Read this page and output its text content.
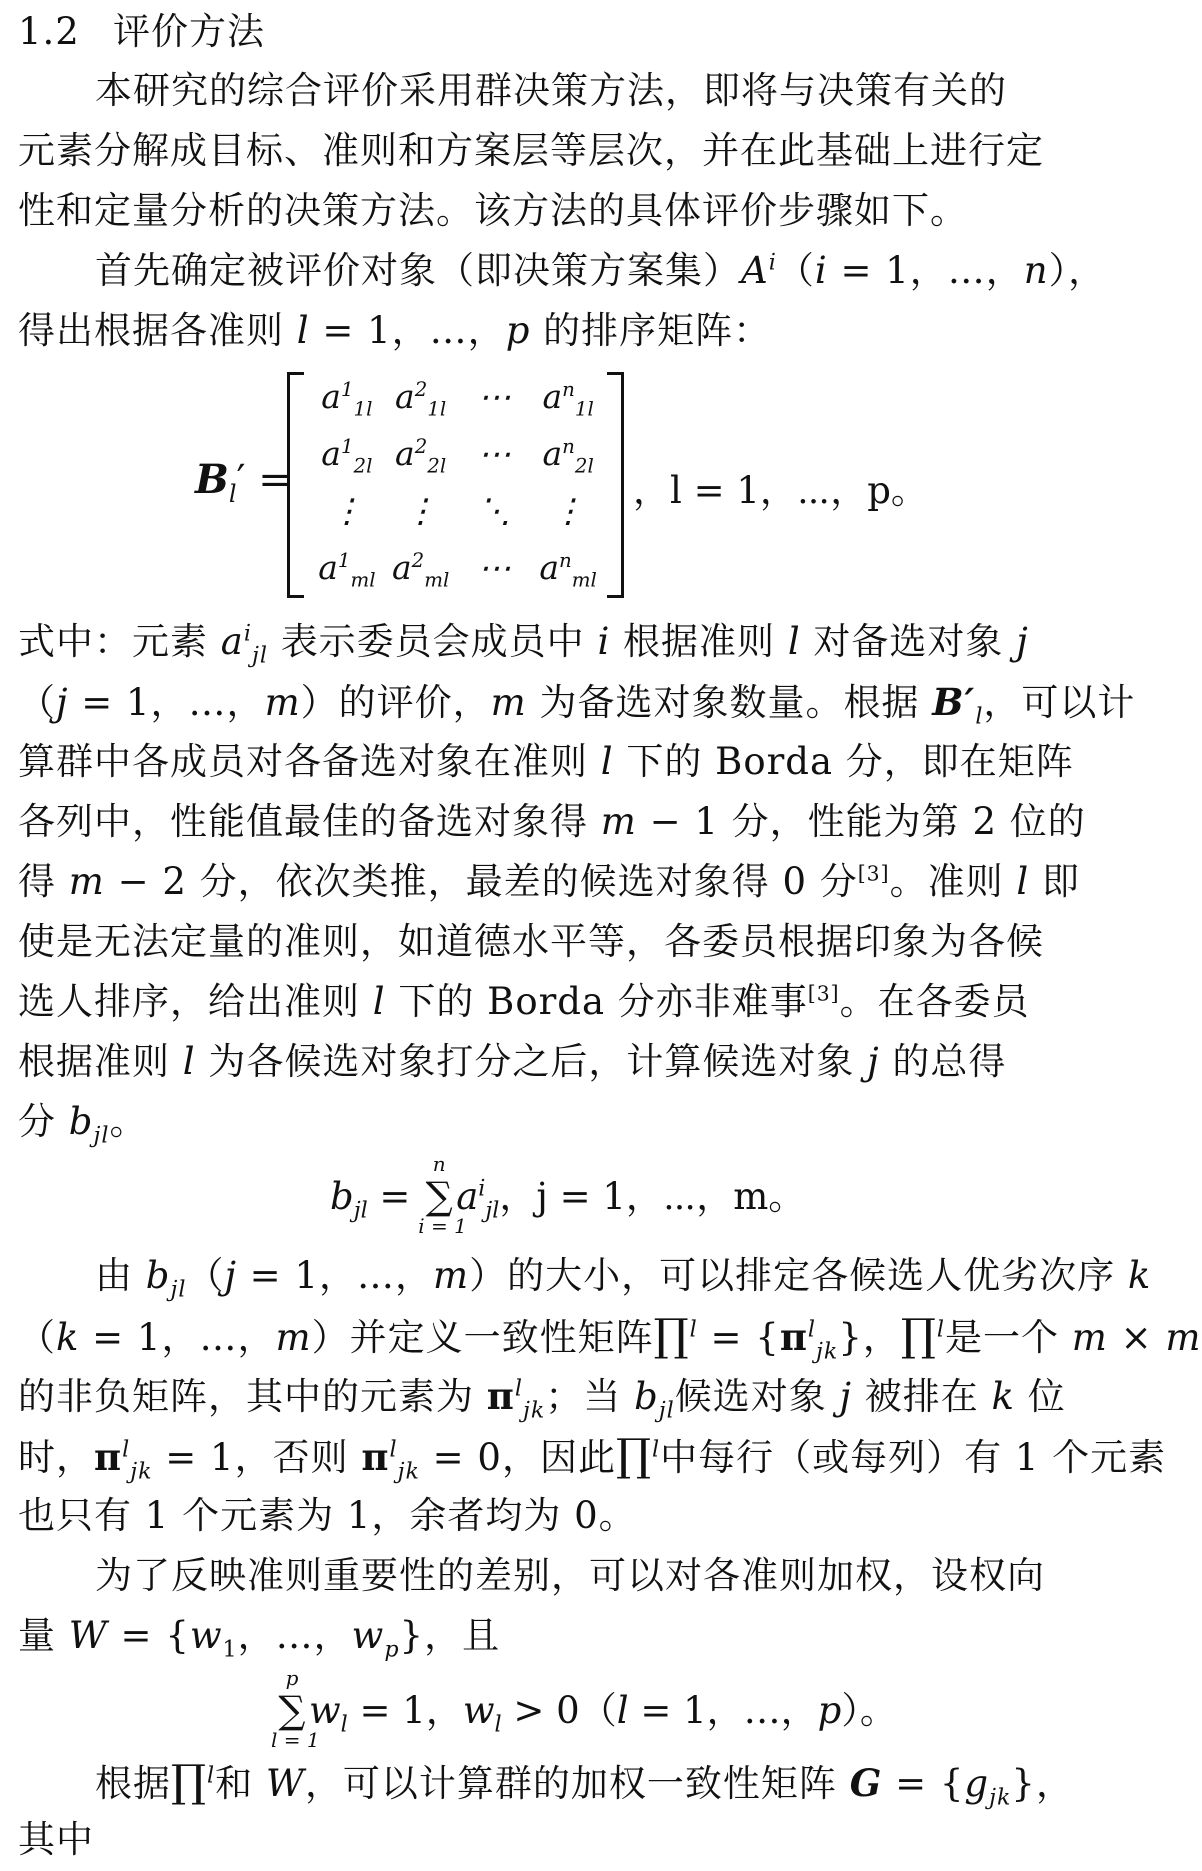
1.2 评价方法
本研究的综合评价采用群决策方法，即将与决策有关的
元素分解成目标、准则和方案层等层次，并在此基础上进行定
性和定量分析的决策方法。该方法的具体评价步骤如下。
首先确定被评价对象（即决策方案集）$A^i(i = 1$，…，n），
得出根据各准则 l = 1，…，p 的排序矩阵：
$B_l'$ =
$a^1_{1l}$ $a^2_{1l}$ ⋯ $a^n_{1l}$
$a^1_{2l}$ $a^2_{2l}$ ⋯ $a^n_{2l}$
⋮	⋮	⋱	⋮
$a^1_{ml}$ $a^2_{ml}$ ⋯ $a^n_{ml}$
，l = 1，⋯，p。
式中：元素 $a^i_{jl}$ 表示委员会成员中 i 根据准则 l 对备选对象 j
（j = 1，…，m）的评价，m 为备选对象数量。根据 $B'_l$，可以计
算群中各成员对各备选对象在准则 l 下的 Borda 分，即在矩阵
各列中，性能值最佳的备选对象得 m − 1 分，性能为第 2 位的
得 m − 2 分，依次类推，最差的候选对象得 0 分[3]。准则 l 即
使是无法定量的准则，如道德水平等，各委员根据印象为各候
选人排序，给出准则 l 下的 Borda 分亦非难事[3]。在各委员
根据准则 l 为各候选对象打分之后，计算候选对象 j 的总得
分 $b_{jl}$。
$b_{jl}$ =
n
∑
i = 1
$a^i_{jl}$，j = 1，⋯，m。
由 $b_{jl}(j = 1$，…，m）的大小，可以排定各候选人优劣次序 k
（k = 1，…，m）并定义一致性矩阵∏$^l$ = $\{\pi^l_{jk}\}$，∏$^l$是一个 m × m
的非负矩阵，其中的元素为 $\pi^l_{jk}$；当 $b_{jl}$候选对象 j 被排在 k 位
时，$\pi^l_{jk} = 1$，否则 $\pi^l_{jk} = 0$，因此∏$^l$中每行（或每列）有 1 个元素
也只有 1 个元素为 1，余者均为 0。
为了反映准则重要性的差别，可以对各准则加权，设权向
量 $W = \{w_1$，…，$w_p$}，且
p
∑
l = 1
$w_l = 1$，$w_l > 0(l = 1$，…，p）。
根据∏$^l$和 W，可以计算群的加权一致性矩阵 $G = \{g_{jk}\}$，
其中
